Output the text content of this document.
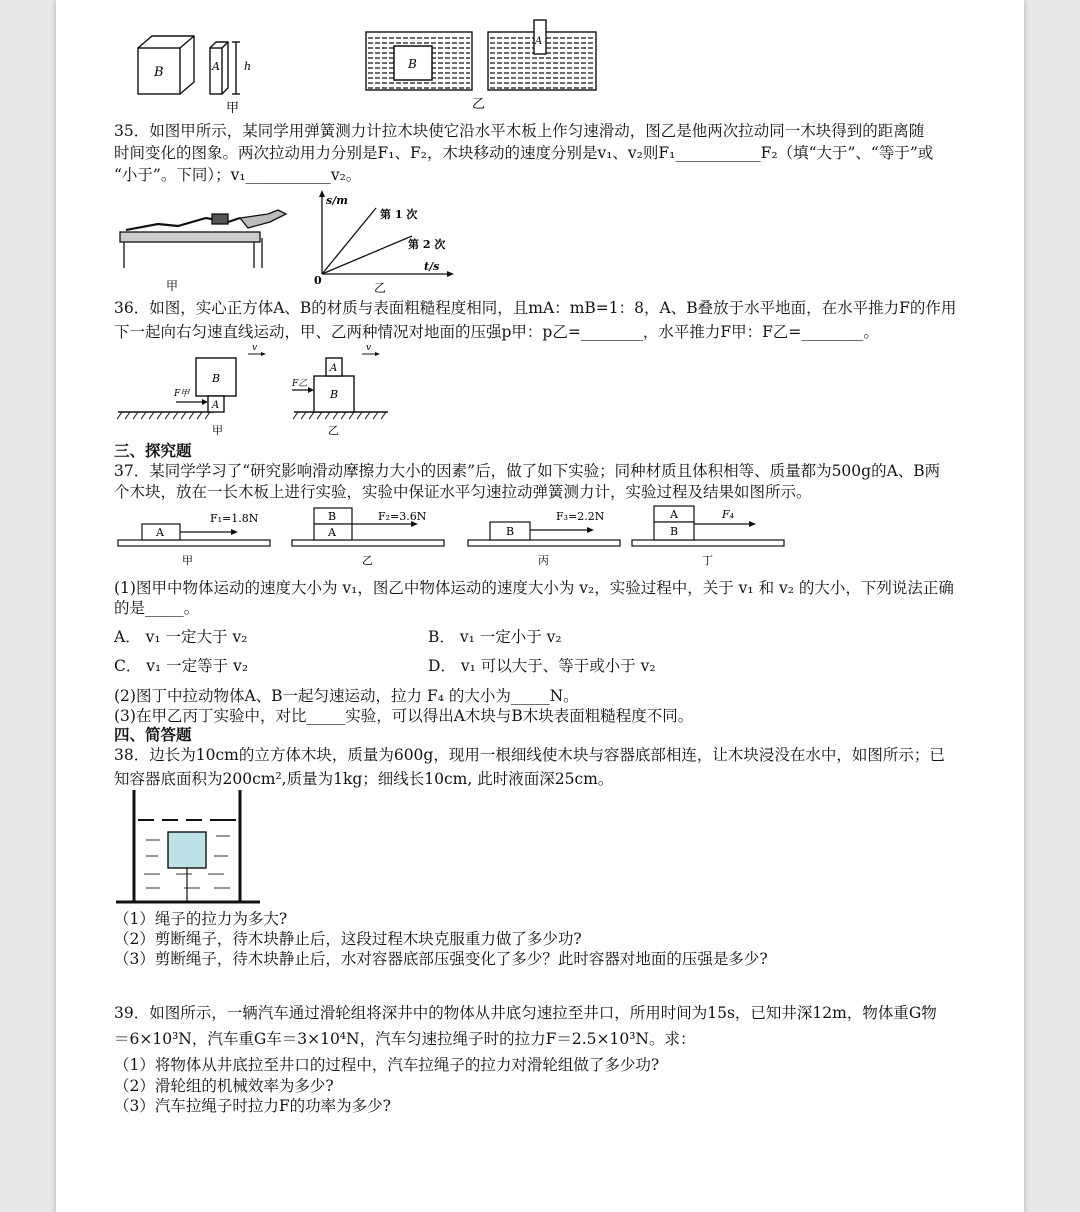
B	A h
甲
B
A
乙
35．如图甲所示，某同学用弹簧测力计拉木块使它沿水平木板上作匀速滑动，图乙是他两次拉动同一木块得到的距离随
时间变化的图象。两次拉动用力分别是F₁、F₂，木块移动的速度分别是v₁、v₂则F₁___________F₂（填“大于”、“等于”或
“小于”。下同）；v₁___________v₂。
甲
s/m
t/s
0
第 1 次
第 2 次
乙
36．如图，实心正方体A、B的材质与表面粗糙程度相同，且mA：mB=1：8，A、B叠放于水平地面，在水平推力F的作用
下一起向右匀速直线运动，甲、乙两种情况对地面的压强p甲：p乙=________，水平推力F甲：F乙=________。
B
A
F甲
v
甲
B
A
F乙
v
乙
三、探究题
37．某同学学习了“研究影响滑动摩擦力大小的因素”后，做了如下实验；同种材质且体积相等、质量都为500g的A、B两
个木块，放在一长木板上进行实验，实验中保证水平匀速拉动弹簧测力计，实验过程及结果如图所示。
A
F₁=1.8N
甲
B
A
F₂=3.6N
乙
B
F₃=2.2N
丙
A
B
F₄
丁
(1)图甲中物体运动的速度大小为 v₁，图乙中物体运动的速度大小为 v₂，实验过程中，关于 v₁ 和 v₂ 的大小，下列说法正确
的是_____。
A． v₁ 一定大于 v₂	B． v₁ 一定小于 v₂
C． v₁ 一定等于 v₂	D． v₁ 可以大于、等于或小于 v₂
(2)图丁中拉动物体A、B一起匀速运动，拉力 F₄ 的大小为_____N。
(3)在甲乙丙丁实验中，对比_____实验，可以得出A木块与B木块表面粗糙程度不同。
四、简答题
38．边长为10cm的立方体木块，质量为600g，现用一根细线使木块与容器底部相连，让木块浸没在水中，如图所示；已
知容器底面积为200cm²,质量为1kg；细线长10cm, 此时液面深25cm。
（1）绳子的拉力为多大?
（2）剪断绳子，待木块静止后，这段过程木块克服重力做了多少功?
（3）剪断绳子，待木块静止后，水对容器底部压强变化了多少？此时容器对地面的压强是多少?
39．如图所示，一辆汽车通过滑轮组将深井中的物体从井底匀速拉至井口，所用时间为15s，已知井深12m，物体重G物
＝6×10³N，汽车重G车＝3×10⁴N，汽车匀速拉绳子时的拉力F＝2.5×10³N。求：
（1）将物体从井底拉至井口的过程中，汽车拉绳子的拉力对滑轮组做了多少功?
（2）滑轮组的机械效率为多少?
（3）汽车拉绳子时拉力F的功率为多少?
